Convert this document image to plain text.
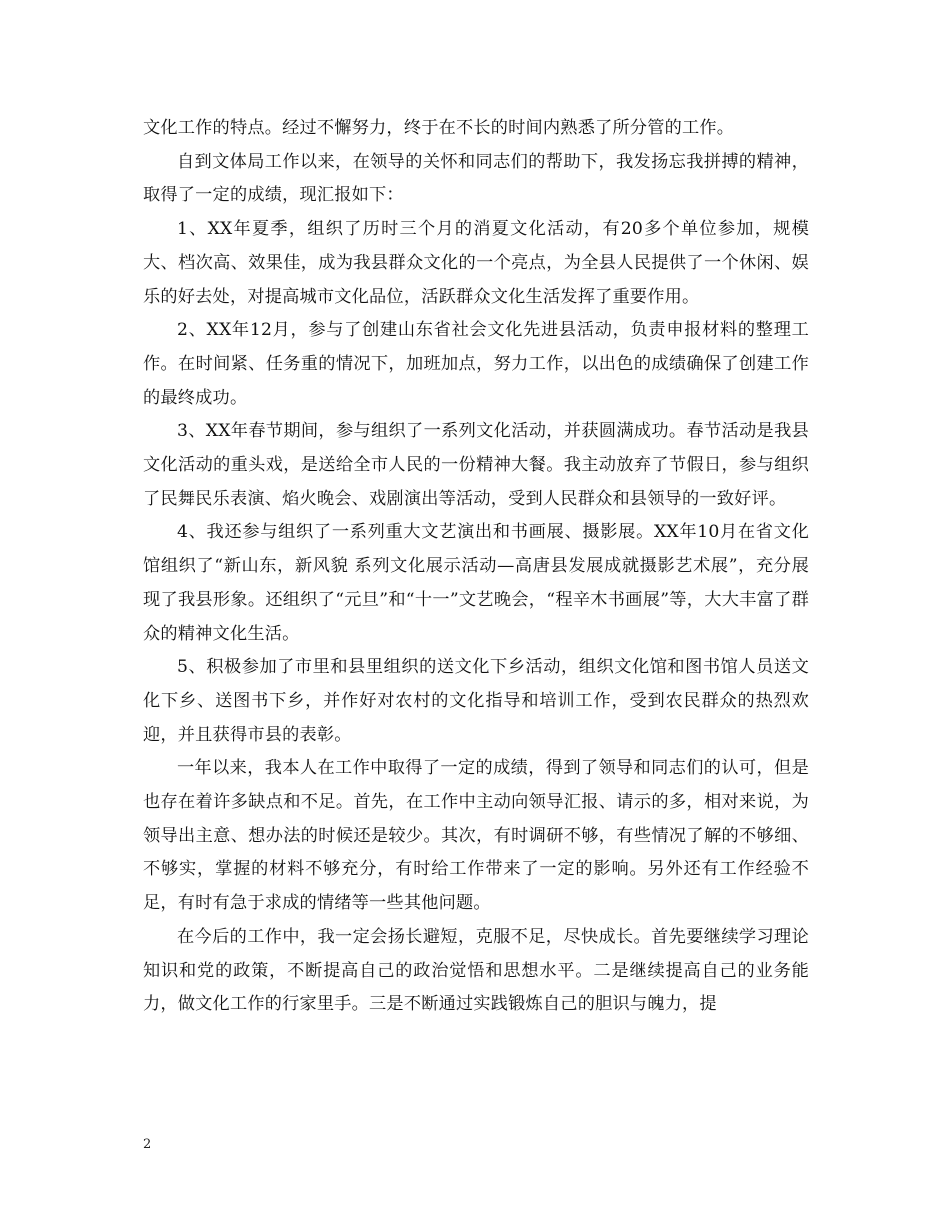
文化工作的特点。经过不懈努力，终于在不长的时间内熟悉了所分管的工作。

自到文体局工作以来，在领导的关怀和同志们的帮助下，我发扬忘我拼搏的精神，取得了一定的成绩，现汇报如下：

1、XX年夏季，组织了历时三个月的消夏文化活动，有20多个单位参加，规模大、档次高、效果佳，成为我县群众文化的一个亮点，为全县人民提供了一个休闲、娱乐的好去处，对提高城市文化品位，活跃群众文化生活发挥了重要作用。

2、XX年12月，参与了创建山东省社会文化先进县活动，负责申报材料的整理工作。在时间紧、任务重的情况下，加班加点，努力工作，以出色的成绩确保了创建工作的最终成功。

3、XX年春节期间，参与组织了一系列文化活动，并获圆满成功。春节活动是我县文化活动的重头戏，是送给全市人民的一份精神大餐。我主动放弃了节假日，参与组织了民舞民乐表演、焰火晚会、戏剧演出等活动，受到人民群众和县领导的一致好评。

4、我还参与组织了一系列重大文艺演出和书画展、摄影展。XX年10月在省文化馆组织了“新山东，新风貌 系列文化展示活动—高唐县发展成就摄影艺术展”，充分展现了我县形象。还组织了“元旦”和“十一”文艺晚会，“程辛木书画展”等，大大丰富了群众的精神文化生活。

5、积极参加了市里和县里组织的送文化下乡活动，组织文化馆和图书馆人员送文化下乡、送图书下乡，并作好对农村的文化指导和培训工作，受到农民群众的热烈欢迎，并且获得市县的表彰。

一年以来，我本人在工作中取得了一定的成绩，得到了领导和同志们的认可，但是也存在着许多缺点和不足。首先，在工作中主动向领导汇报、请示的多，相对来说，为领导出主意、想办法的时候还是较少。其次，有时调研不够，有些情况了解的不够细、不够实，掌握的材料不够充分，有时给工作带来了一定的影响。另外还有工作经验不足，有时有急于求成的情绪等一些其他问题。

在今后的工作中，我一定会扬长避短，克服不足，尽快成长。首先要继续学习理论知识和党的政策，不断提高自己的政治觉悟和思想水平。二是继续提高自己的业务能力，做文化工作的行家里手。三是不断通过实践锻炼自己的胆识与魄力，提

2
